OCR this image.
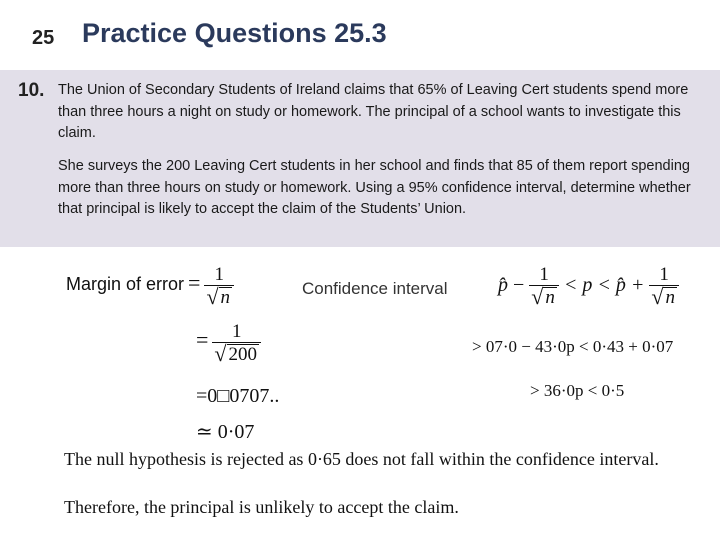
25 Practice Questions 25.3
10. The Union of Secondary Students of Ireland claims that 65% of Leaving Cert students spend more than three hours a night on study or homework. The principal of a school wants to investigate this claim.
She surveys the 200 Leaving Cert students in her school and finds that 85 of them report spending more than three hours on study or homework. Using a 95% confidence interval, determine whether that principal is likely to accept the claim of the Students’ Union.
Margin of error = $\frac{1}{√ n}$	Confidence interval	p̂ − $\frac{1}{√ n} < p$ < p̂ + $\frac{1}{√ n}$
= $\frac{1}{√ 200}$	> 07·0 − 43·0p < 0·43 + 0·07
=0□0707..	> 36·0p < 0·5
≃ 0·07
The null hypothesis is rejected as 0·65 does not fall within the confidence interval.
Therefore, the principal is unlikely to accept the claim.
